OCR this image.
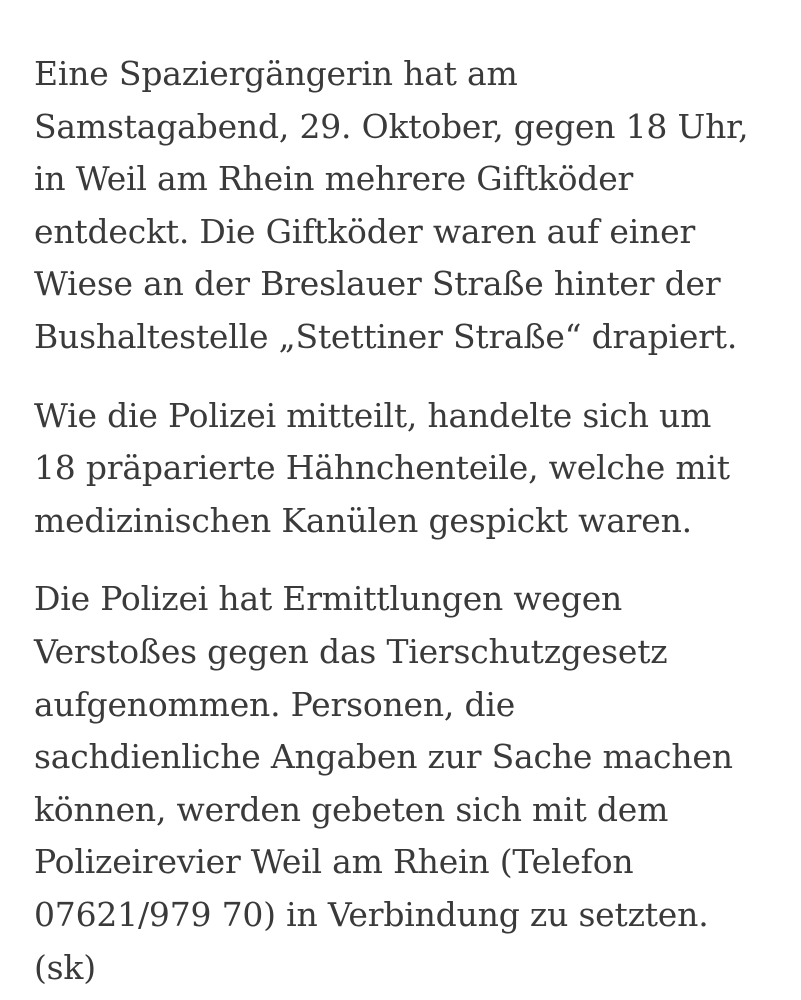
Eine Spaziergängerin hat am
Samstagabend, 29. Oktober, gegen 18 Uhr,
in Weil am Rhein mehrere Giftköder
entdeckt. Die Giftköder waren auf einer
Wiese an der Breslauer Straße hinter der
Bushaltestelle „Stettiner Straße“ drapiert.

Wie die Polizei mitteilt, handelte sich um
18 präparierte Hähnchenteile, welche mit
medizinischen Kanülen gespickt waren.

Die Polizei hat Ermittlungen wegen
Verstoßes gegen das Tierschutzgesetz
aufgenommen. Personen, die
sachdienliche Angaben zur Sache machen
können, werden gebeten sich mit dem
Polizeirevier Weil am Rhein (Telefon
07621/979 70) in Verbindung zu setzten.
(sk)
